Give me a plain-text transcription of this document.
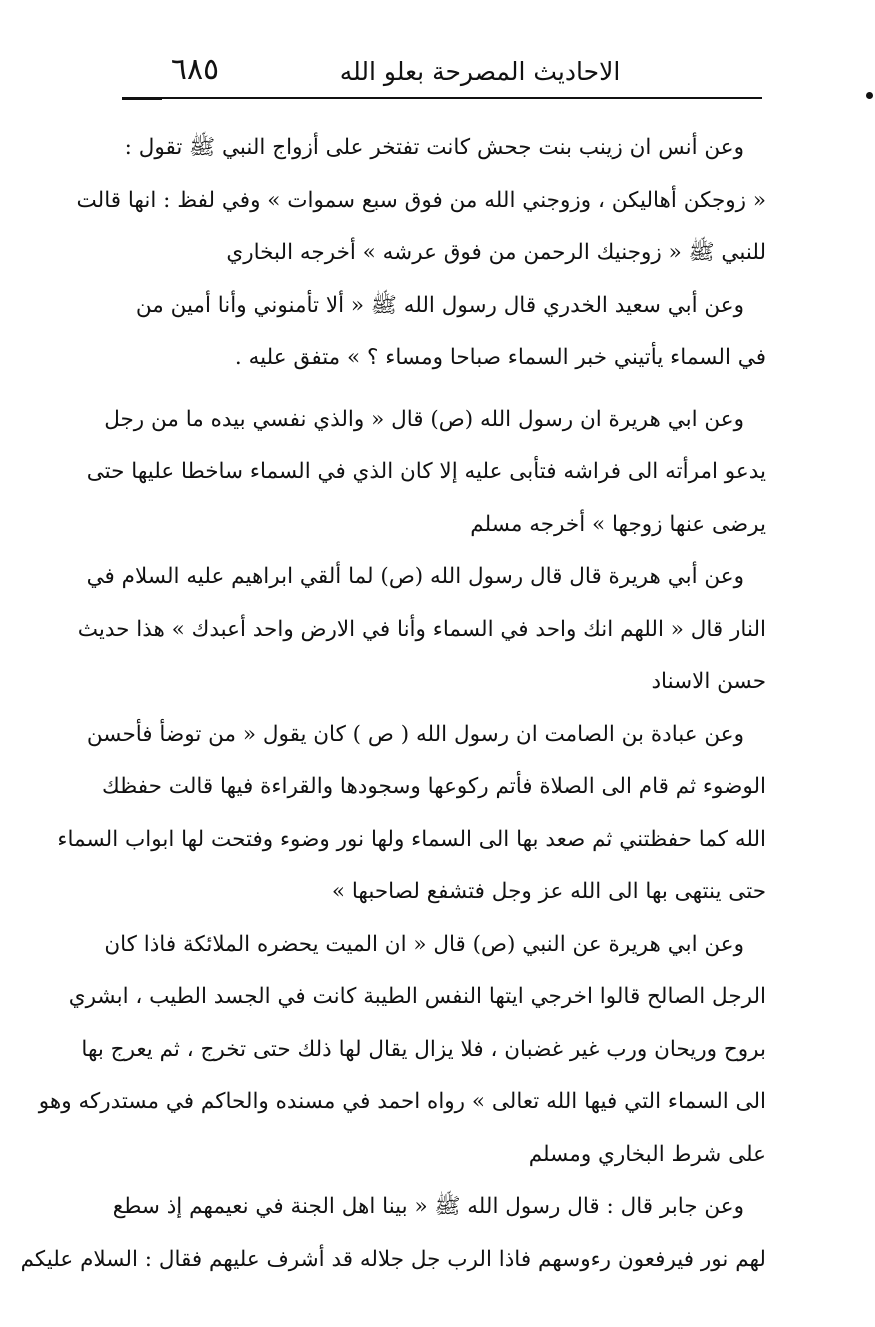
٦٨٥	الاحاديث المصرحة بعلو الله
وعن أنس ان زينب بنت جحش كانت تفتخر على أزواج النبي ﷺ تقول :
« زوجكن أهاليكن ، وزوجني الله من فوق سبع سموات » وفي لفظ : انها قالت
للنبي ﷺ « زوجنيك الرحمن من فوق عرشه » أخرجه البخاري
وعن أبي سعيد الخدري قال رسول الله ﷺ « ألا تأمنوني وأنا أمين من
في السماء يأتيني خبر السماء صباحا ومساء ؟ » متفق عليه .
وعن ابي هريرة ان رسول الله (ص) قال « والذي نفسي بيده ما من رجل
يدعو امرأته الى فراشه فتأبى عليه إلا كان الذي في السماء ساخطا عليها حتى
يرضى عنها زوجها » أخرجه مسلم
وعن أبي هريرة قال قال رسول الله (ص) لما ألقي ابراهيم عليه السلام في
النار قال « اللهم انك واحد في السماء وأنا في الارض واحد أعبدك » هذا حديث
حسن الاسناد
وعن عبادة بن الصامت ان رسول الله ( ص ) كان يقول « من توضأ فأحسن
الوضوء ثم قام الى الصلاة فأتم ركوعها وسجودها والقراءة فيها قالت حفظك
الله كما حفظتني ثم صعد بها الى السماء ولها نور وضوء وفتحت لها ابواب السماء
حتى ينتهى بها الى الله عز وجل فتشفع لصاحبها »
وعن ابي هريرة عن النبي (ص) قال « ان الميت يحضره الملائكة فاذا كان
الرجل الصالح قالوا اخرجي ايتها النفس الطيبة كانت في الجسد الطيب ، ابشري
بروح وريحان ورب غير غضبان ، فلا يزال يقال لها ذلك حتى تخرج ، ثم يعرج بها
الى السماء التي فيها الله تعالى » رواه احمد في مسنده والحاكم في مستدركه وهو
على شرط البخاري ومسلم
وعن جابر قال : قال رسول الله ﷺ « بينا اهل الجنة في نعيمهم إذ سطع
لهم نور فيرفعون رءوسهم فاذا الرب جل جلاله قد أشرف عليهم فقال : السلام عليكم
